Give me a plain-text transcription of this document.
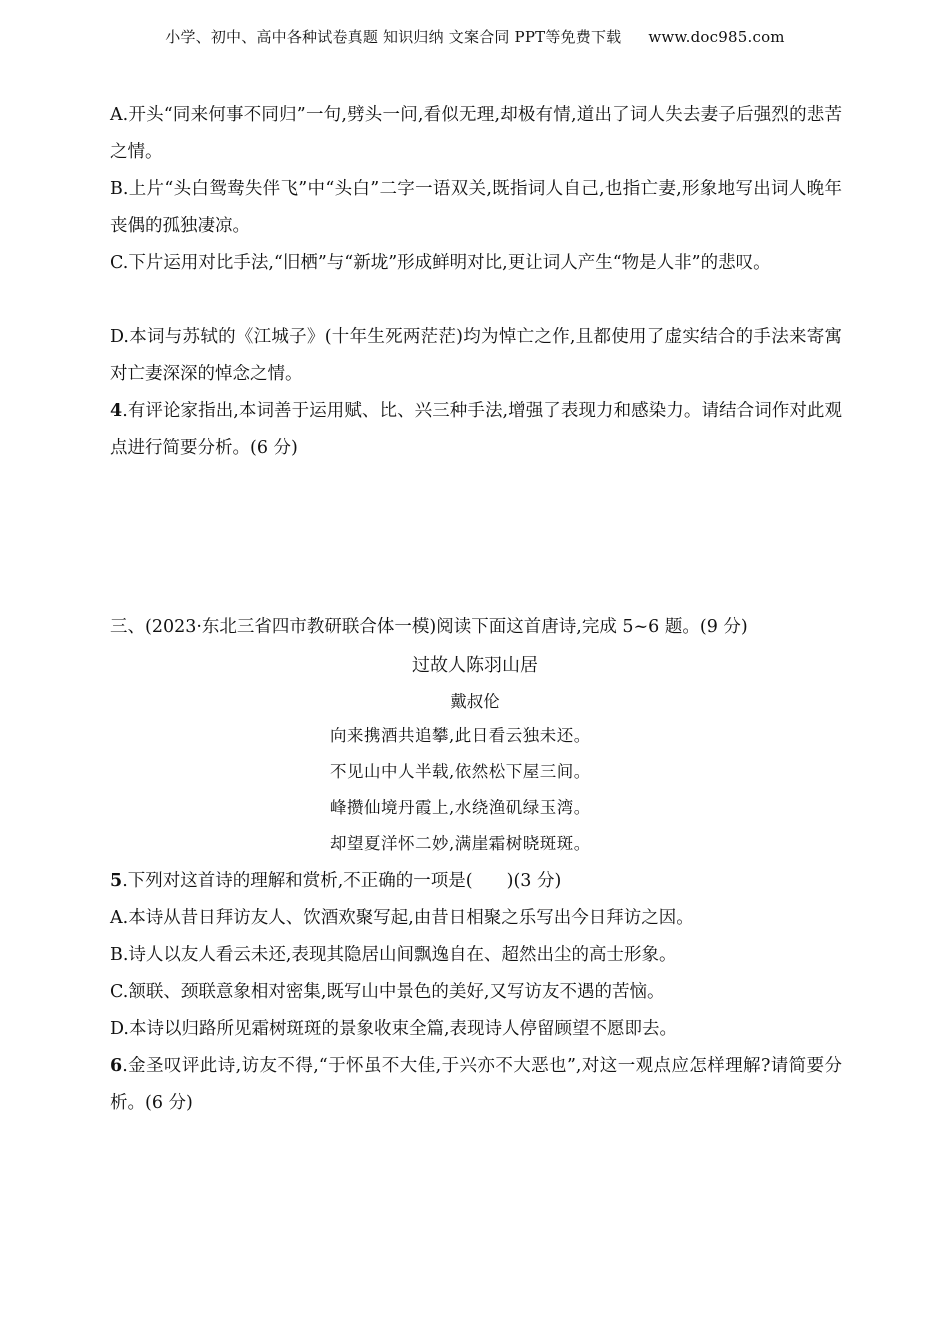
小学、初中、高中各种试卷真题 知识归纳 文案合同 PPT等免费下载 www.doc985.com
A.开头“同来何事不同归”一句,劈头一问,看似无理,却极有情,道出了词人失去妻子后强烈的悲苦之情。
B.上片“头白鸳鸯失伴飞”中“头白”二字一语双关,既指词人自己,也指亡妻,形象地写出词人晚年丧偶的孤独凄凉。
C.下片运用对比手法,“旧栖”与“新垅”形成鲜明对比,更让词人产生“物是人非”的悲叹。
D.本词与苏轼的《江城子》(十年生死两茫茫)均为悼亡之作,且都使用了虚实结合的手法来寄寓对亡妻深深的悼念之情。
4.有评论家指出,本词善于运用赋、比、兴三种手法,增强了表现力和感染力。请结合词作对此观点进行简要分析。(6 分)
三、(2023·东北三省四市教研联合体一模)阅读下面这首唐诗,完成 5~6 题。(9 分)
过故人陈羽山居
戴叔伦
向来携酒共追攀,此日看云独未还。
不见山中人半载,依然松下屋三间。
峰攒仙境丹霞上,水绕渔矶绿玉湾。
却望夏洋怀二妙,满崖霜树晓斑斑。
5.下列对这首诗的理解和赏析,不正确的一项是( )(3 分)
A.本诗从昔日拜访友人、饮酒欢聚写起,由昔日相聚之乐写出今日拜访之因。
B.诗人以友人看云未还,表现其隐居山间飘逸自在、超然出尘的高士形象。
C.颔联、颈联意象相对密集,既写山中景色的美好,又写访友不遇的苦恼。
D.本诗以归路所见霜树斑斑的景象收束全篇,表现诗人停留顾望不愿即去。
6.金圣叹评此诗,访友不得,“于怀虽不大佳,于兴亦不大恶也”,对这一观点应怎样理解?请简要分析。(6 分)
